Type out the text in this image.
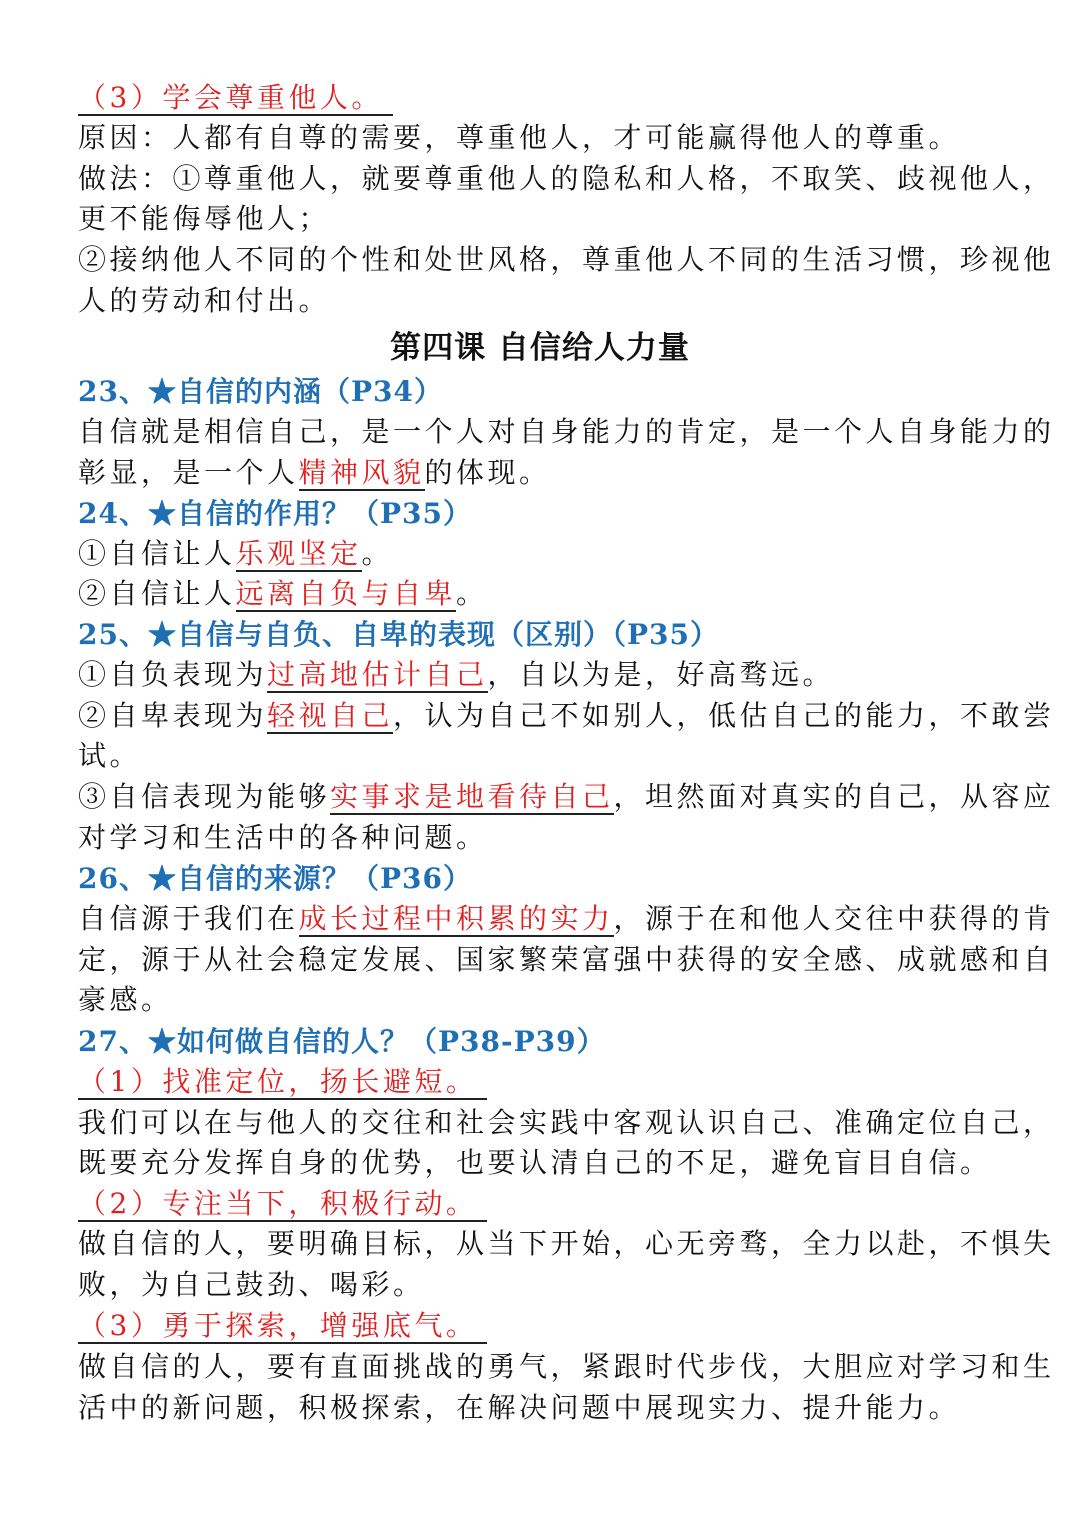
（3）学会尊重他人。
原因：人都有自尊的需要，尊重他人，才可能赢得他人的尊重。
做法：①尊重他人，就要尊重他人的隐私和人格，不取笑、歧视他人，
更不能侮辱他人；
②接纳他人不同的个性和处世风格，尊重他人不同的生活习惯，珍视他
人的劳动和付出。
第四课 自信给人力量
23、★自信的内涵（P34）
自信就是相信自己，是一个人对自身能力的肯定，是一个人自身能力的
彰显，是一个人精神风貌的体现。
24、★自信的作用？（P35）
①自信让人乐观坚定。
②自信让人远离自负与自卑。
25、★自信与自负、自卑的表现（区别）（P35）
①自负表现为过高地估计自己，自以为是，好高骛远。
②自卑表现为轻视自己，认为自己不如别人，低估自己的能力，不敢尝
试。
③自信表现为能够实事求是地看待自己，坦然面对真实的自己，从容应
对学习和生活中的各种问题。
26、★自信的来源？（P36）
自信源于我们在成长过程中积累的实力，源于在和他人交往中获得的肯
定，源于从社会稳定发展、国家繁荣富强中获得的安全感、成就感和自
豪感。
27、★如何做自信的人？（P38-P39）
（1）找准定位，扬长避短。
我们可以在与他人的交往和社会实践中客观认识自己、准确定位自己，
既要充分发挥自身的优势，也要认清自己的不足，避免盲目自信。
（2）专注当下，积极行动。
做自信的人，要明确目标，从当下开始，心无旁骛，全力以赴，不惧失
败，为自己鼓劲、喝彩。
（3）勇于探索，增强底气。
做自信的人，要有直面挑战的勇气，紧跟时代步伐，大胆应对学习和生
活中的新问题，积极探索，在解决问题中展现实力、提升能力。
